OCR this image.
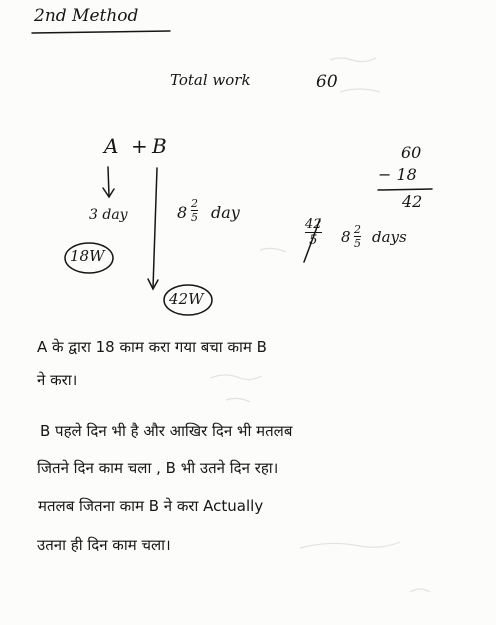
2nd Method
Total work	60
A + B
3 day
18W
8 2
5 day
42W
60
− 18
42
42
5 8 2
5 days
A के द्वारा 18 काम करा गया बचा काम B
ने करा।
B पहले दिन भी है और आखिर दिन भी मतलब
जितने दिन काम चला , B भी उतने दिन रहा।
मतलब जितना काम B ने करा Actually
उतना ही दिन काम चला।
